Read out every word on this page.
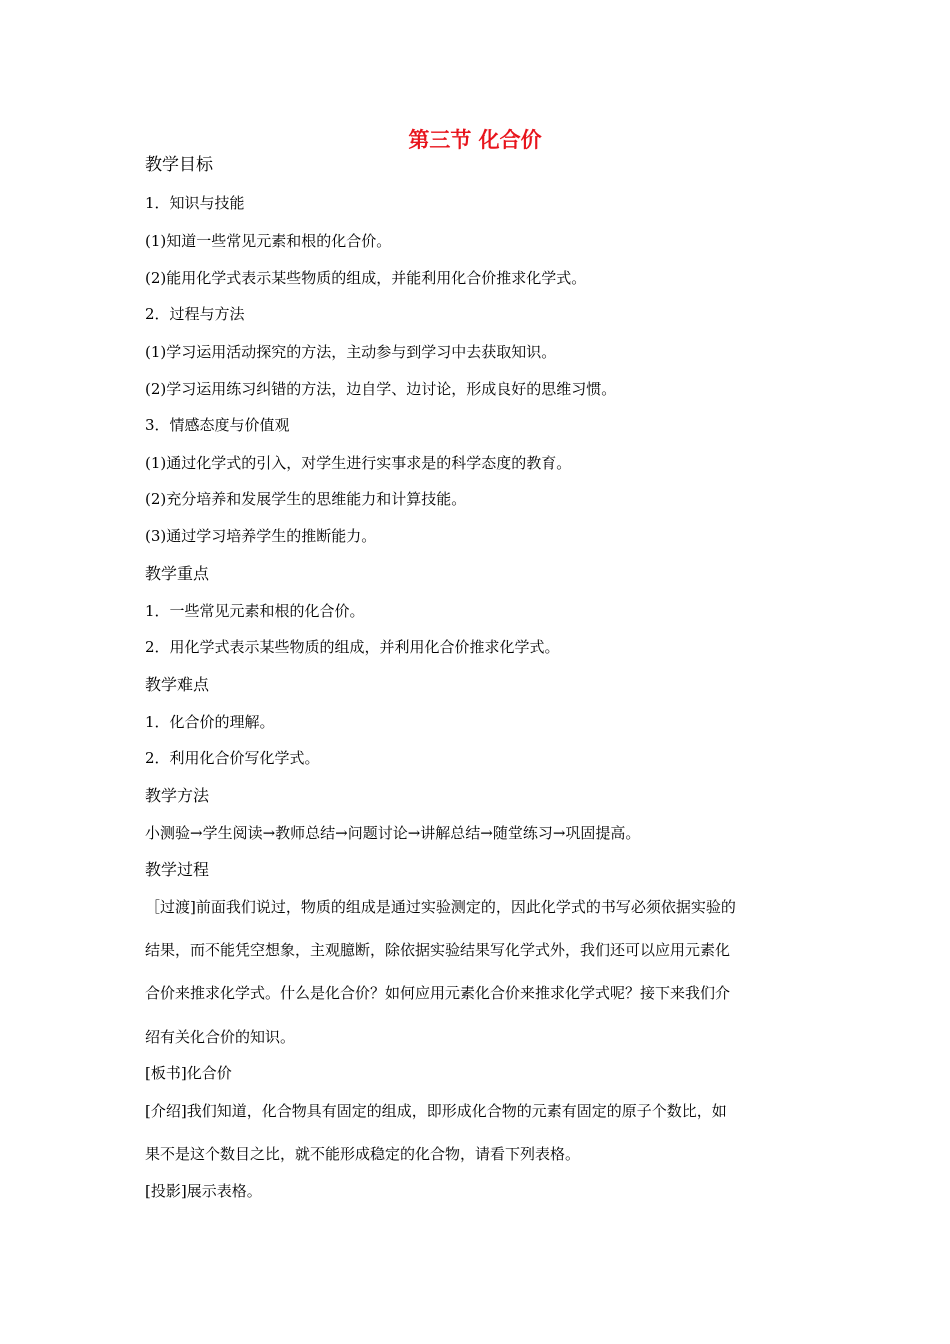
第三节 化合价
教学目标
1．知识与技能
(1)知道一些常见元素和根的化合价。
(2)能用化学式表示某些物质的组成，并能利用化合价推求化学式。
2．过程与方法
(1)学习运用活动探究的方法，主动参与到学习中去获取知识。
(2)学习运用练习纠错的方法，边自学、边讨论，形成良好的思维习惯。
3．情感态度与价值观
(1)通过化学式的引入，对学生进行实事求是的科学态度的教育。
(2)充分培养和发展学生的思维能力和计算技能。
(3)通过学习培养学生的推断能力。
教学重点
1．一些常见元素和根的化合价。
2．用化学式表示某些物质的组成，并利用化合价推求化学式。
教学难点
1．化合价的理解。
2．利用化合价写化学式。
教学方法
小测验→学生阅读→教师总结→问题讨论→讲解总结→随堂练习→巩固提高。
教学过程
［过渡]前面我们说过，物质的组成是通过实验测定的，因此化学式的书写必须依据实验的
结果，而不能凭空想象，主观臆断，除依据实验结果写化学式外，我们还可以应用元素化
合价来推求化学式。什么是化合价？如何应用元素化合价来推求化学式呢？接下来我们介
绍有关化合价的知识。
[板书]化合价
[介绍]我们知道，化合物具有固定的组成，即形成化合物的元素有固定的原子个数比，如
果不是这个数目之比，就不能形成稳定的化合物，请看下列表格。
[投影]展示表格。
